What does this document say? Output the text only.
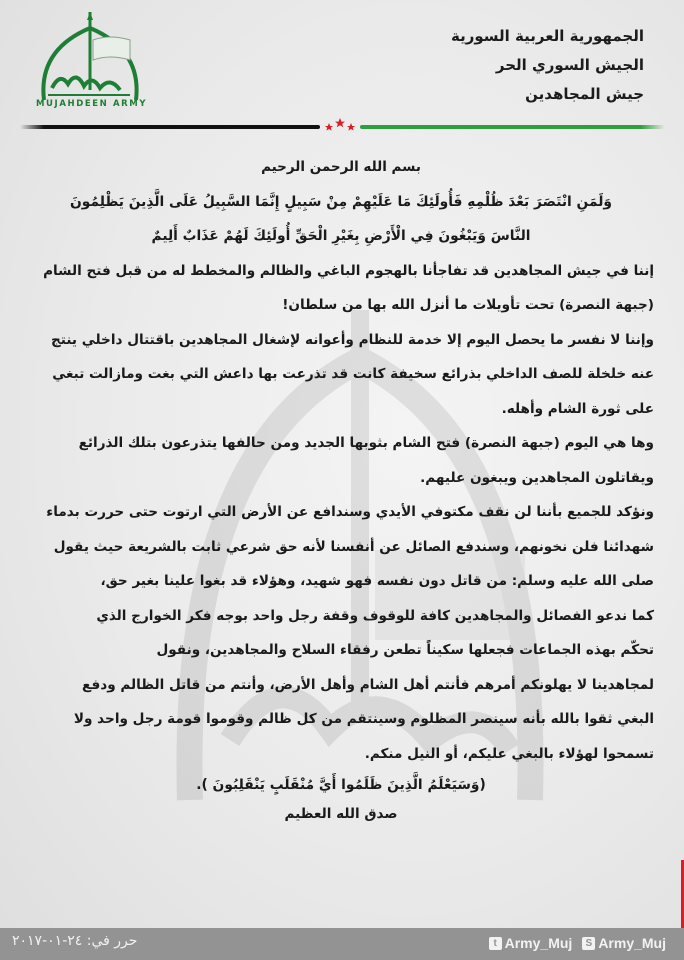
MUJAHDEEN ARMY
الجمهورية العربية السورية
الجيش السوري الحر
جيش المجاهدين
بسم الله الرحمن الرحيم
وَلَمَنِ انْتَصَرَ بَعْدَ ظُلْمِهِ فَأُولَئِكَ مَا عَلَيْهِمْ مِنْ سَبِيلٍ إِنَّمَا السَّبِيلُ عَلَى الَّذِينَ يَظْلِمُونَ
النَّاسَ وَيَبْغُونَ فِي الْأَرْضِ بِغَيْرِ الْحَقِّ أُولَئِكَ لَهُمْ عَذَابٌ أَلِيمٌ
إننا في جيش المجاهدين قد تفاجأنا بالهجوم الباغي والظالم والمخطط له من قبل فتح الشام
(جبهة النصرة) تحت تأويلات ما أنزل الله بها من سلطان!
وإننا لا نفسر ما يحصل اليوم إلا خدمة للنظام وأعوانه لإشغال المجاهدين باقتتال داخلي ينتج
عنه خلخلة للصف الداخلي بذرائع سخيفة كانت قد تذرعت بها داعش التي بغت ومازالت تبغي
على ثورة الشام وأهله.
وها هي اليوم (جبهة النصرة) فتح الشام بثوبها الجديد ومن حالفها يتذرعون بتلك الذرائع
ويقاتلون المجاهدين ويبغون عليهم.
ونؤكد للجميع بأننا لن نقف مكتوفي الأيدي وسندافع عن الأرض التي ارتوت حتى حررت بدماء
شهدائنا فلن نخونهم، وسندفع الصائل عن أنفسنا لأنه حق شرعي ثابت بالشريعة حيث يقول
صلى الله عليه وسلم: من قاتل دون نفسه فهو شهيد، وهؤلاء قد بغوا علينا بغير حق،
كما ندعو الفصائل والمجاهدين كافة للوقوف وقفة رجل واحد بوجه فكر الخوارج الذي
تحكّم بهذه الجماعات فجعلها سكيناً تطعن رفقاء السلاح والمجاهدين، ونقول
لمجاهدينا لا يهلونكم أمرهم فأنتم أهل الشام وأهل الأرض، وأنتم من قاتل الظالم ودفع
البغي ثقوا بالله بأنه سينصر المظلوم وسينتقم من كل ظالم وقوموا قومة رجل واحد ولا
تسمحوا لهؤلاء بالبغي عليكم، أو النيل منكم.
(وَسَيَعْلَمُ الَّذِينَ ظَلَمُوا أَيَّ مُنْقَلَبٍ يَنْقَلِبُونَ ).
صدق الله العظيم
حرر في: ٢٤-٠١-٢٠١٧	t Army_Muj	S Army_Muj
